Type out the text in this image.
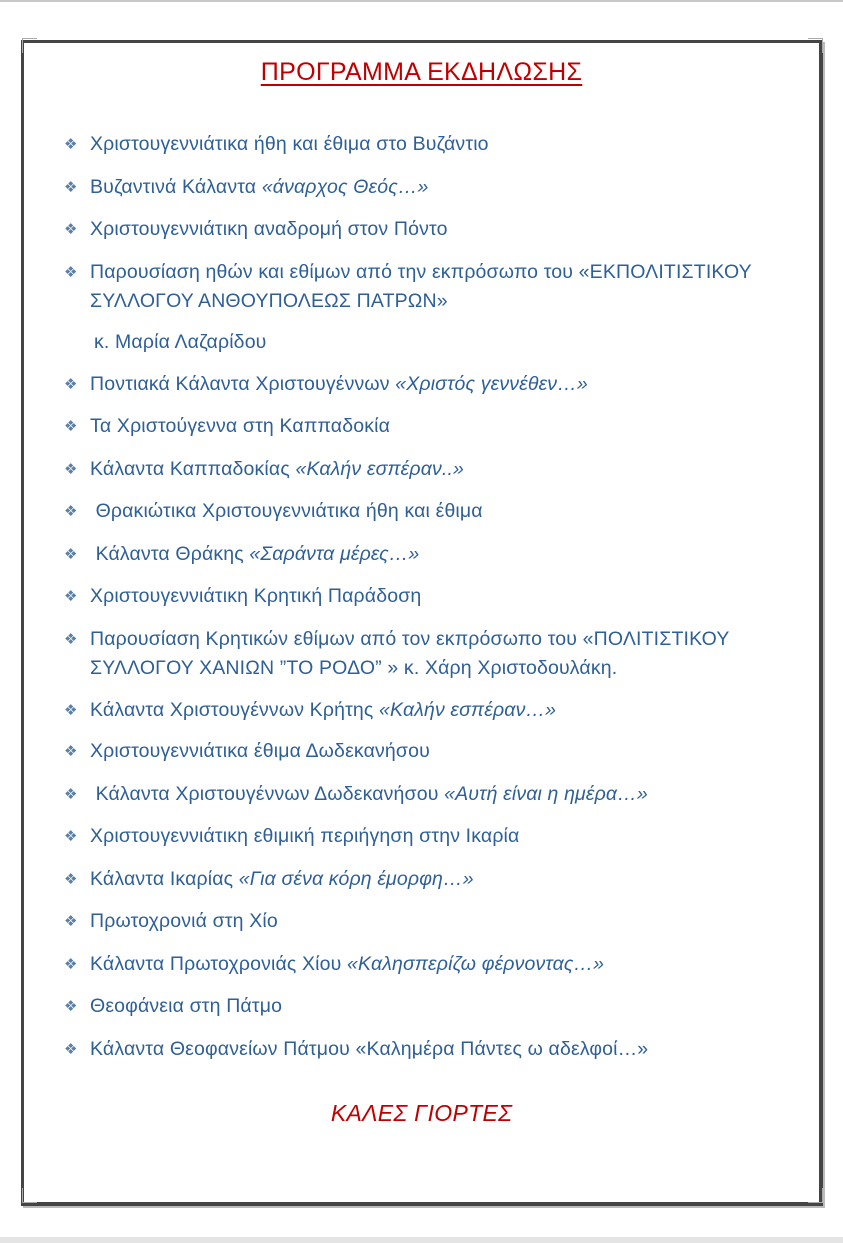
ΠΡΟΓΡΑΜΜΑ ΕΚΔΗΛΩΣΗΣ
❖ Χριστουγεννιάτικα ήθη και έθιμα στο Βυζάντιο
❖ Βυζαντινά Κάλαντα «άναρχος Θεός…»
❖ Χριστουγεννιάτικη αναδρομή στον Πόντο
❖ Παρουσίαση ηθών και εθίμων από την εκπρόσωπο του «ΕΚΠΟΛΙΤΙΣΤΙΚΟΥ
ΣΥΛΛΟΓΟΥ ΑΝΘΟΥΠΟΛΕΩΣ ΠΑΤΡΩΝ»
κ. Μαρία Λαζαρίδου
❖ Ποντιακά Κάλαντα Χριστουγέννων «Χριστός γεννέθεν…»
❖ Τα Χριστούγεννα στη Καππαδοκία
❖ Κάλαντα Καππαδοκίας «Καλήν εσπέραν..»
❖ Θρακιώτικα Χριστουγεννιάτικα ήθη και έθιμα
❖ Κάλαντα Θράκης «Σαράντα μέρες…»
❖ Χριστουγεννιάτικη Κρητική Παράδοση
❖ Παρουσίαση Κρητικών εθίμων από τον εκπρόσωπο του «ΠΟΛΙΤΙΣΤΙΚΟΥ
ΣΥΛΛΟΓΟΥ ΧΑΝΙΩΝ ”ΤΟ ΡΟΔΟ” » κ. Χάρη Χριστοδουλάκη.
❖ Κάλαντα Χριστουγέννων Κρήτης «Καλήν εσπέραν…»
❖ Χριστουγεννιάτικα έθιμα Δωδεκανήσου
❖ Κάλαντα Χριστουγέννων Δωδεκανήσου «Αυτή είναι η ημέρα…»
❖ Χριστουγεννιάτικη εθιμική περιήγηση στην Ικαρία
❖ Κάλαντα Ικαρίας «Για σένα κόρη έμορφη…»
❖ Πρωτοχρονιά στη Χίο
❖ Κάλαντα Πρωτοχρονιάς Χίου «Καλησπερίζω φέρνοντας…»
❖ Θεοφάνεια στη Πάτμο
❖ Κάλαντα Θεοφανείων Πάτμου «Καλημέρα Πάντες ω αδελφοί…»
ΚΑΛΕΣ ΓΙΟΡΤΕΣ
